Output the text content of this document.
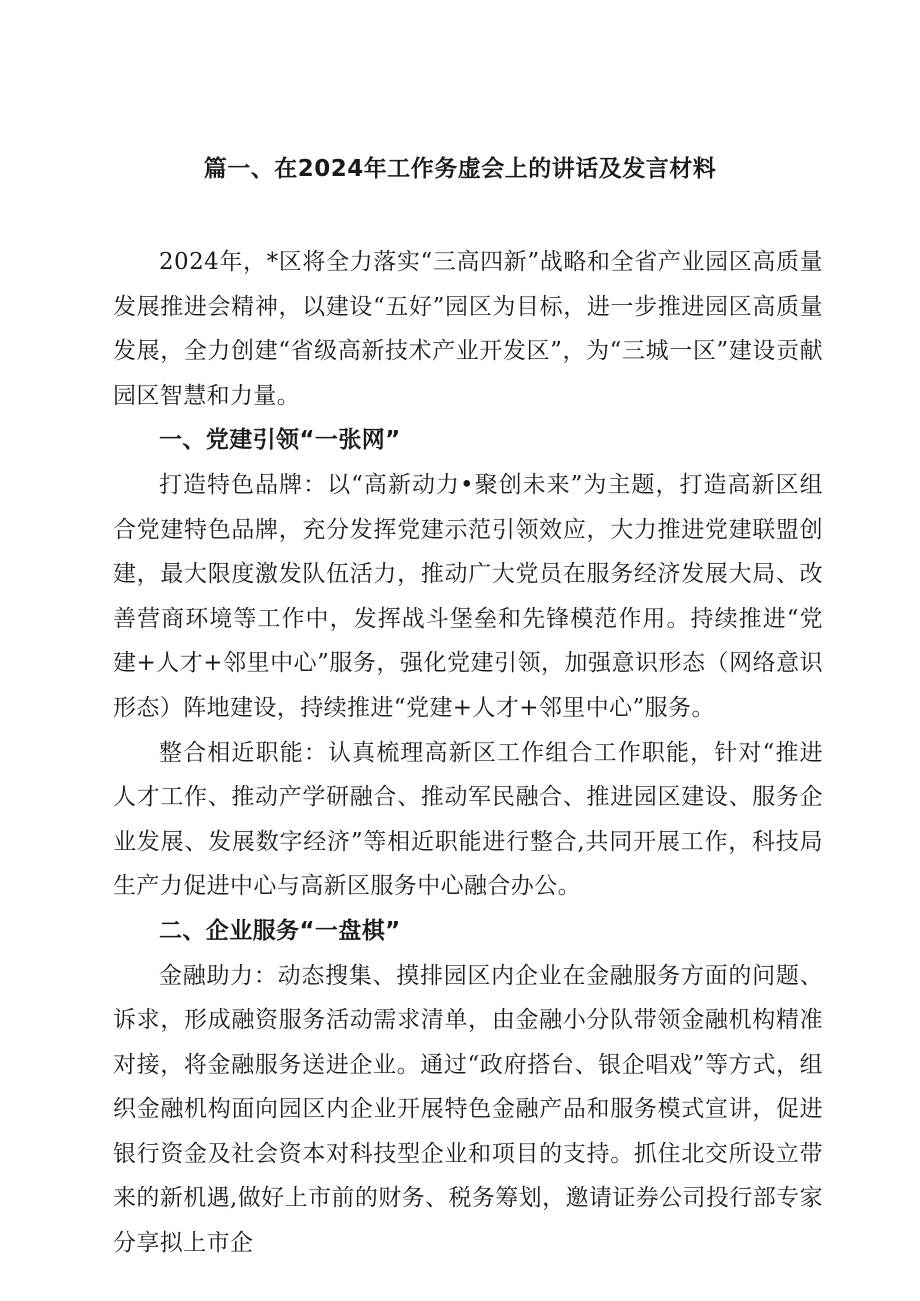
篇一、在2024年工作务虚会上的讲话及发言材料

2024年，*区将全力落实“三高四新”战略和全省产业园区高质量发展推进会精神，以建设“五好”园区为目标，进一步推进园区高质量发展，全力创建“省级高新技术产业开发区”，为“三城一区”建设贡献园区智慧和力量。

一、党建引领“一张网”

打造特色品牌：以“高新动力•聚创未来”为主题，打造高新区组合党建特色品牌，充分发挥党建示范引领效应，大力推进党建联盟创建，最大限度激发队伍活力，推动广大党员在服务经济发展大局、改善营商环境等工作中，发挥战斗堡垒和先锋模范作用。持续推进“党建+人才+邻里中心”服务，强化党建引领，加强意识形态（网络意识形态）阵地建设，持续推进“党建+人才+邻里中心”服务。

整合相近职能：认真梳理高新区工作组合工作职能，针对“推进人才工作、推动产学研融合、推动军民融合、推进园区建设、服务企业发展、发展数字经济”等相近职能进行整合,共同开展工作，科技局生产力促进中心与高新区服务中心融合办公。

二、企业服务“一盘棋”

金融助力：动态搜集、摸排园区内企业在金融服务方面的问题、诉求，形成融资服务活动需求清单，由金融小分队带领金融机构精准对接，将金融服务送进企业。通过“政府搭台、银企唱戏”等方式，组织金融机构面向园区内企业开展特色金融产品和服务模式宣讲，促进银行资金及社会资本对科技型企业和项目的支持。抓住北交所设立带来的新机遇,做好上市前的财务、税务筹划，邀请证券公司投行部专家分享拟上市企
